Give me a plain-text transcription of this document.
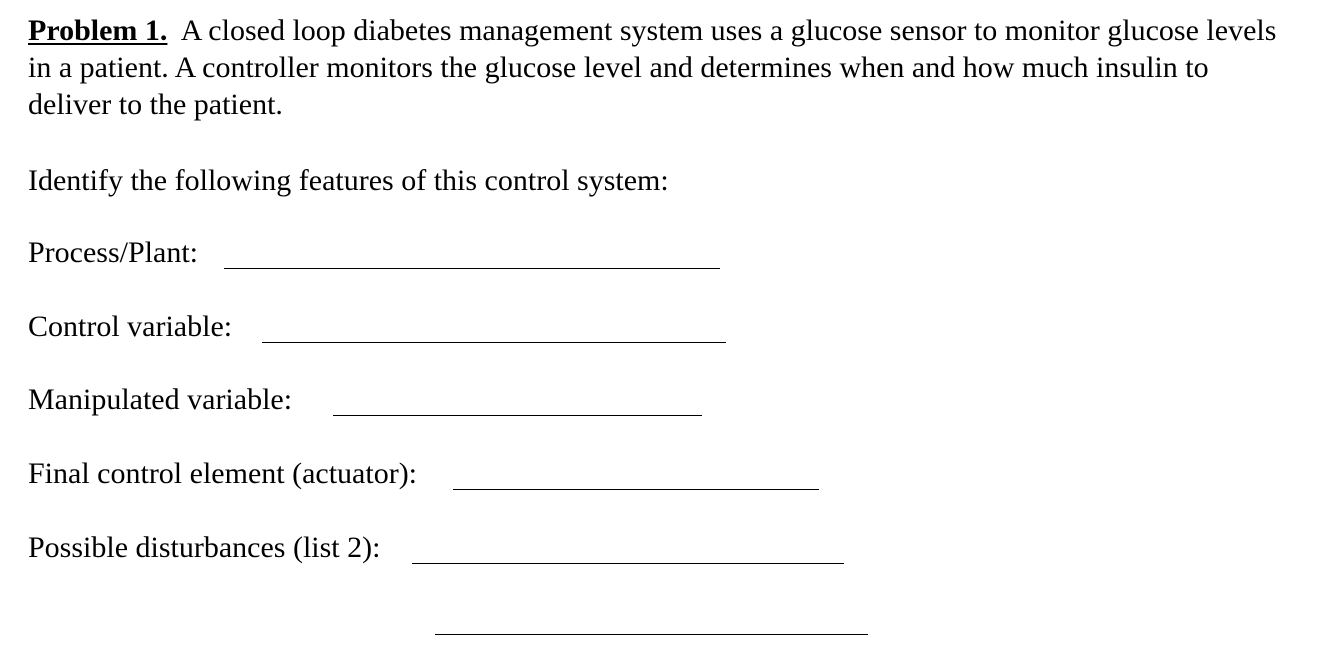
Problem 1. A closed loop diabetes management system uses a glucose sensor to monitor glucose levels in a patient. A controller monitors the glucose level and determines when and how much insulin to deliver to the patient.

Identify the following features of this control system:

Process/Plant:
Control variable:
Manipulated variable:
Final control element (actuator):
Possible disturbances (list 2):
